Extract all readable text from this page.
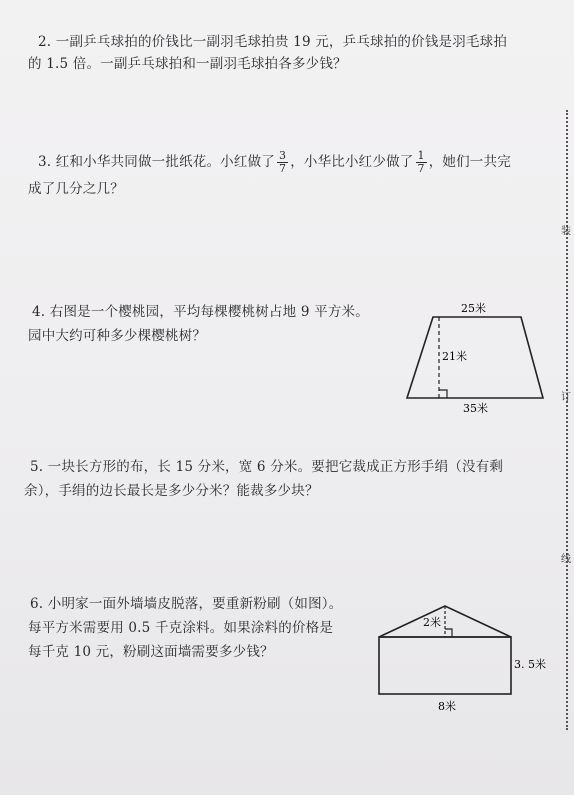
2. 一副乒乓球拍的价钱比一副羽毛球拍贵 19 元，乒乓球拍的价钱是羽毛球拍
的 1.5 倍。一副乒乓球拍和一副羽毛球拍各多少钱？
3. 红和小华共同做一批纸花。小红做了 $\frac{3}{7}$ ，小华比小红少做了 $\frac{1}{7}$ ，她们一共完
成了几分之几？
4. 右图是一个樱桃园，平均每棵樱桃树占地 9 平方米。
园中大约可种多少棵樱桃树？
25米
21米
35米
5. 一块长方形的布，长 15 分米，宽 6 分米。要把它裁成正方形手绢（没有剩
余），手绢的边长最长是多少分米？能裁多少块？
6. 小明家一面外墙墙皮脱落，要重新粉刷（如图）。
每平方米需要用 0.5 千克涂料。如果涂料的价格是
每千克 10 元，粉刷这面墙需要多少钱？
2米
3. 5米
8米
装
订
线
